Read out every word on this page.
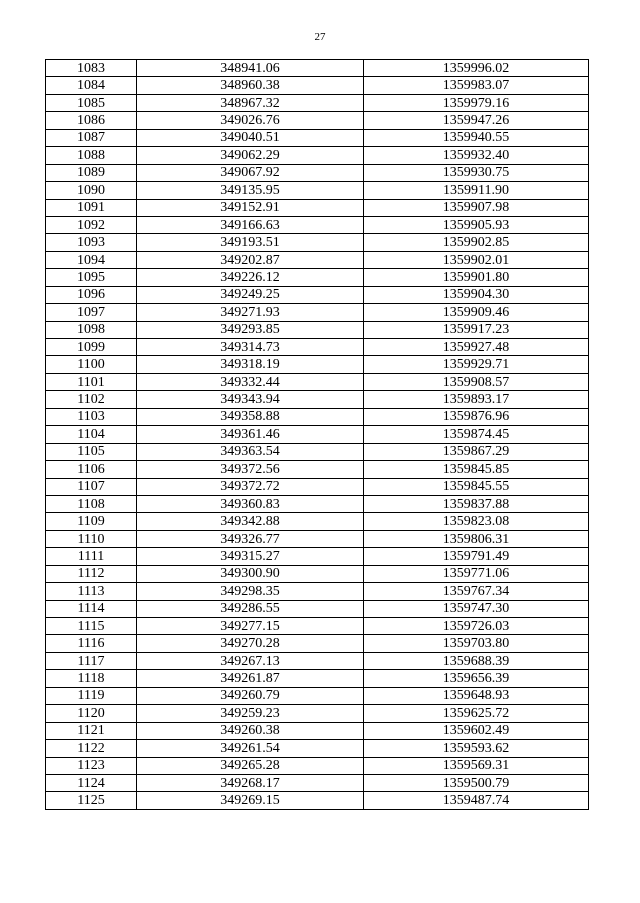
27
1083	348941.06	1359996.02
1084	348960.38	1359983.07
1085	348967.32	1359979.16
1086	349026.76	1359947.26
1087	349040.51	1359940.55
1088	349062.29	1359932.40
1089	349067.92	1359930.75
1090	349135.95	1359911.90
1091	349152.91	1359907.98
1092	349166.63	1359905.93
1093	349193.51	1359902.85
1094	349202.87	1359902.01
1095	349226.12	1359901.80
1096	349249.25	1359904.30
1097	349271.93	1359909.46
1098	349293.85	1359917.23
1099	349314.73	1359927.48
1100	349318.19	1359929.71
1101	349332.44	1359908.57
1102	349343.94	1359893.17
1103	349358.88	1359876.96
1104	349361.46	1359874.45
1105	349363.54	1359867.29
1106	349372.56	1359845.85
1107	349372.72	1359845.55
1108	349360.83	1359837.88
1109	349342.88	1359823.08
1110	349326.77	1359806.31
1111	349315.27	1359791.49
1112	349300.90	1359771.06
1113	349298.35	1359767.34
1114	349286.55	1359747.30
1115	349277.15	1359726.03
1116	349270.28	1359703.80
1117	349267.13	1359688.39
1118	349261.87	1359656.39
1119	349260.79	1359648.93
1120	349259.23	1359625.72
1121	349260.38	1359602.49
1122	349261.54	1359593.62
1123	349265.28	1359569.31
1124	349268.17	1359500.79
1125	349269.15	1359487.74
